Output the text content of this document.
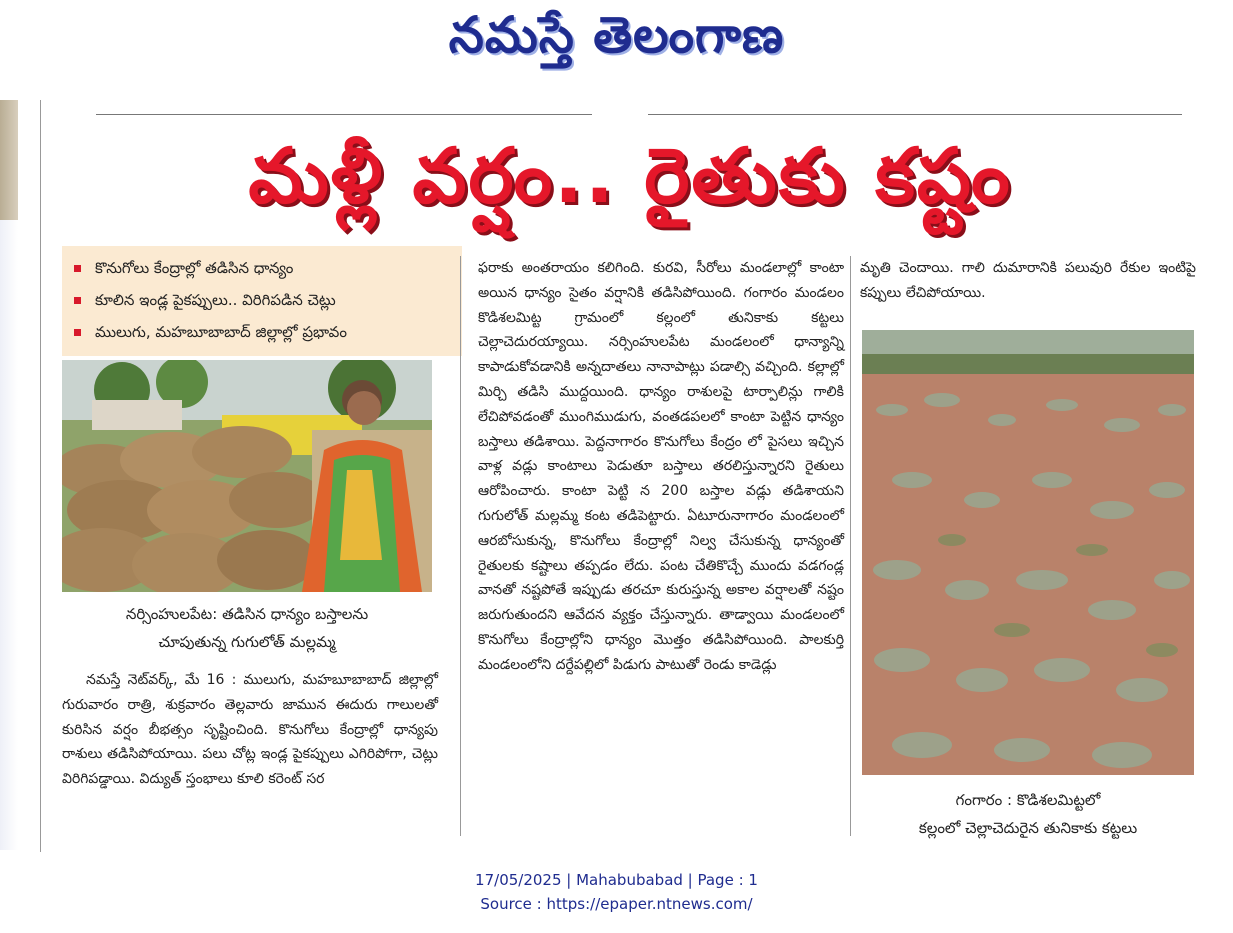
నమస్తే తెలంగాణ
మళ్లీ వర్షం.. రైతుకు కష్టం
కొనుగోలు కేంద్రాల్లో తడిసిన ధాన్యం
కూలిన ఇండ్ల పైకప్పులు.. విరిగిపడిన చెట్లు
ములుగు, మహబూబాబాద్ జిల్లాల్లో ప్రభావం
నర్సింహులపేట: తడిసిన ధాన్యం బస్తాలను
చూపుతున్న గుగులోత్ మల్లమ్మ
నమస్తే నెట్‌వర్క్, మే 16 : ములుగు, మహబూబాబాద్ జిల్లాల్లో గురువారం రాత్రి, శుక్రవారం తెల్లవారు జామున ఈదురు గాలులతో కురిసిన వర్షం బీభత్సం సృష్టించింది. కొనుగోలు కేంద్రాల్లో ధాన్యపు రాశులు తడిసిపోయాయి. పలు చోట్ల ఇండ్ల పైకప్పులు ఎగిరిపోగా, చెట్లు విరిగిపడ్డాయి. విద్యుత్ స్తంభాలు కూలి కరెంట్ సర
ఫరాకు అంతరాయం కలిగింది. కురవి, సీరోలు మండలాల్లో కాంటా అయిన ధాన్యం సైతం వర్షానికి తడిసిపోయింది. గంగారం మండలం కొడిశలమిట్ట గ్రామంలో కల్లంలో తునికాకు కట్టలు చెల్లాచెదురయ్యాయి. నర్సింహులపేట మండలంలో ధాన్యాన్ని కాపాడుకోవడానికి అన్నదాతలు నానాపాట్లు పడాల్సి వచ్చింది. కల్లాల్లో మిర్చి తడిసి ముద్దయింది. ధాన్యం రాశులపై టార్పాలిన్లు గాలికి లేచిపోవడంతో ముంగిముడుగు, వంతడపలలో కాంటా పెట్టిన ధాన్యం బస్తాలు తడిశాయి. పెద్దనాగారం కొనుగోలు కేంద్రం లో పైసలు ఇచ్చిన వాళ్ల వడ్లు కాంటాలు పెడుతూ బస్తాలు తరలిస్తున్నారని రైతులు ఆరోపించారు. కాంటా పెట్టి న 200 బస్తాల వడ్లు తడిశాయని గుగులోత్ మల్లమ్మ కంట తడిపెట్టారు. ఏటూరునాగారం మండలంలో ఆరబోసుకున్న, కొనుగోలు కేంద్రాల్లో నిల్వ చేసుకున్న ధాన్యంతో రైతులకు కష్టాలు తప్పడం లేదు. పంట చేతికొచ్చే ముందు వడగండ్ల వానతో నష్టపోతే ఇప్పుడు తరచూ కురుస్తున్న అకాల వర్షాలతో నష్టం జరుగుతుందని ఆవేదన వ్యక్తం చేస్తున్నారు. తాడ్వాయి మండలంలో కొనుగోలు కేంద్రాల్లోని ధాన్యం మొత్తం తడిసిపోయింది. పాలకుర్తి మండలంలోని దర్దేపల్లిలో పిడుగు పాటుతో రెండు కాడెడ్లు
మృతి చెందాయి. గాలి దుమారానికి పలువురి రేకుల ఇంటిపై కప్పులు లేచిపోయాయి.
గంగారం : కొడిశలమిట్టలో
కల్లంలో చెల్లాచెదురైన తునికాకు కట్టలు
17/05/2025 | Mahabubabad | Page : 1
Source : https://epaper.ntnews.com/
